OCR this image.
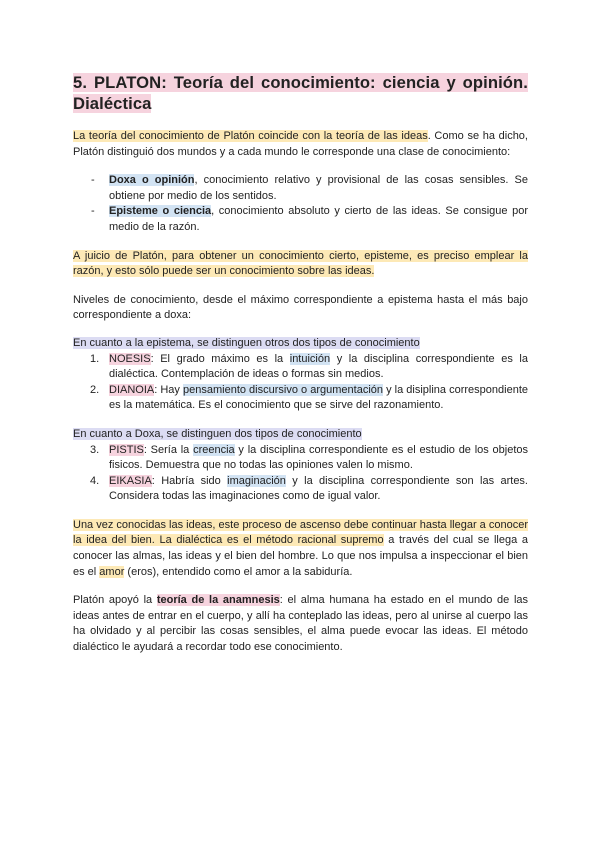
5. PLATON: Teoría del conocimiento: ciencia y opinión. Dialéctica

La teoría del conocimiento de Platón coincide con la teoría de las ideas. Como se ha dicho, Platón distinguió dos mundos y a cada mundo le corresponde una clase de conocimiento:

- Doxa o opinión, conocimiento relativo y provisional de las cosas sensibles. Se obtiene por medio de los sentidos.
- Episteme o ciencia, conocimiento absoluto y cierto de las ideas. Se consigue por medio de la razón.

A juicio de Platón, para obtener un conocimiento cierto, episteme, es preciso emplear la razón, y esto sólo puede ser un conocimiento sobre las ideas.

Niveles de conocimiento, desde el máximo correspondiente a epistema hasta el más bajo correspondiente a doxa:

En cuanto a la epistema, se distinguen otros dos tipos de conocimiento
1. NOESIS: El grado máximo es la intuición y la disciplina correspondiente es la dialéctica. Contemplación de ideas o formas sin medios.
2. DIANOIA: Hay pensamiento discursivo o argumentación y la disiplina correspondiente es la matemática. Es el conocimiento que se sirve del razonamiento.
En cuanto a Doxa, se distinguen dos tipos de conocimiento
3. PISTIS: Sería la creencia y la disciplina correspondiente es el estudio de los objetos fisicos. Demuestra que no todas las opiniones valen lo mismo.
4. EIKASIA: Habría sido imaginación y la disciplina correspondiente son las artes. Considera todas las imaginaciones como de igual valor.

Una vez conocidas las ideas, este proceso de ascenso debe continuar hasta llegar a conocer la idea del bien. La dialéctica es el método racional supremo a través del cual se llega a conocer las almas, las ideas y el bien del hombre. Lo que nos impulsa a inspeccionar el bien es el amor (eros), entendido como el amor a la sabiduría.

Platón apoyó la teoría de la anamnesis: el alma humana ha estado en el mundo de las ideas antes de entrar en el cuerpo, y allí ha conteplado las ideas, pero al unirse al cuerpo las ha olvidado y al percibir las cosas sensibles, el alma puede evocar las ideas. El método dialéctico le ayudará a recordar todo ese conocimiento.
